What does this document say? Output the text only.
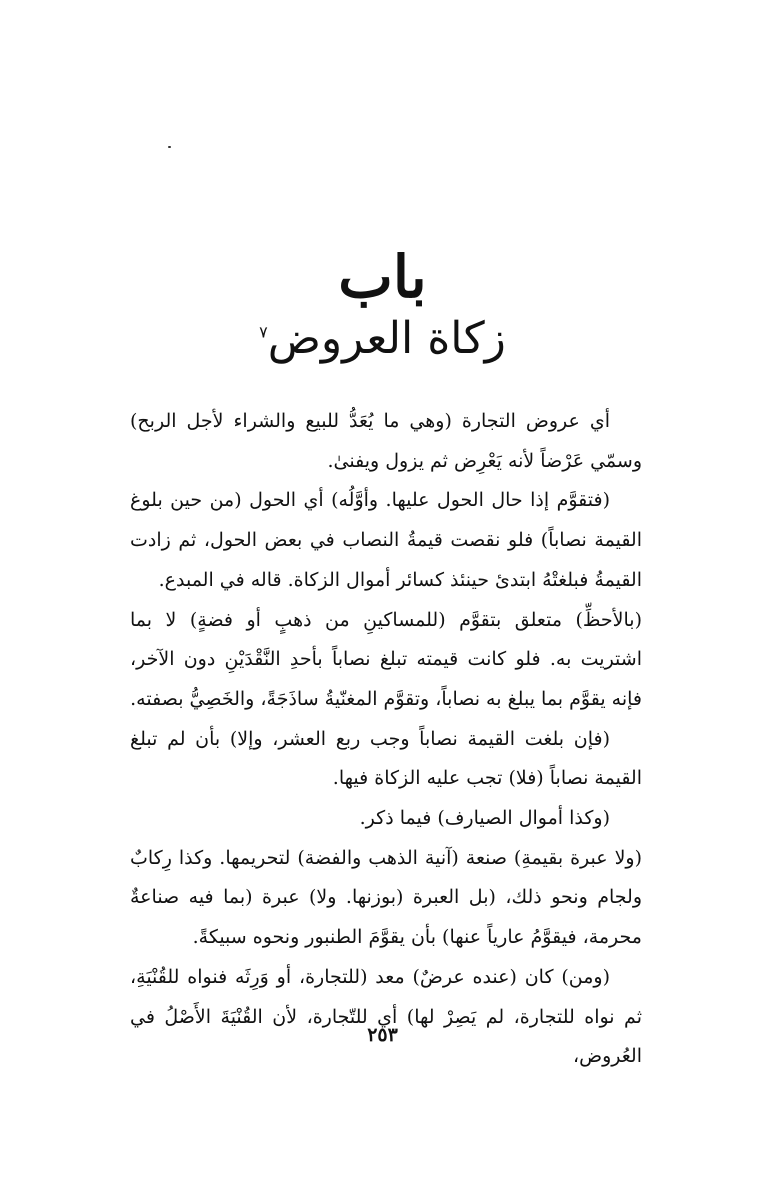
باب
زكاة العروض$^٧$

أي عروض التجارة (وهي ما يُعَدُّ للبيع والشراء لأجل الربح) وسمّي عَرْضاً لأنه يَعْرِض ثم يزول ويفنىٰ.

(فتقوَّم إذا حال الحول عليها. وأوَّلُه) أي الحول (من حين بلوغ القيمة نصاباً) فلو نقصت قيمةُ النصاب في بعض الحول، ثم زادت القيمةُ فبلغتْهُ ابتدئ حينئذ كسائر أموال الزكاة. قاله في المبدع.

(بالأحظِّ) متعلق بتقوَّم (للمساكينِ من ذهبٍ أو فضةٍ) لا بما اشتريت به. فلو كانت قيمته تبلغ نصاباً بأحدِ النَّقْدَيْنِ دون الآخر، فإنه يقوَّم بما يبلغ به نصاباً، وتقوَّم المغنّيةُ ساذَجَةً، والخَصِيُّ بصفته.

(فإن بلغت القيمة نصاباً وجب ربع العشر، وإلا) بأن لم تبلغ القيمة نصاباً (فلا) تجب عليه الزكاة فيها.

(وكذا أموال الصيارف) فيما ذكر.

(ولا عبرة بقيمةِ) صنعة (آنية الذهب والفضة) لتحريمها. وكذا رِكابٌ ولجام ونحو ذلك، (بل العبرة (بوزنها. ولا) عبرة (بما فيه صناعةٌ محرمة، فيقوَّمُ عارياً عنها) بأن يقوَّمَ الطنبور ونحوه سبيكةً.

(ومن) كان (عنده عرضٌ) معد (للتجارة، أو وَرِثَه فنواه للقُنْيَةِ، ثم نواه للتجارة، لم يَصِرْ لها) أي للتّجارة، لأن القُنْيَةَ الأَصْلُ في العُروض،

٢٥٣
